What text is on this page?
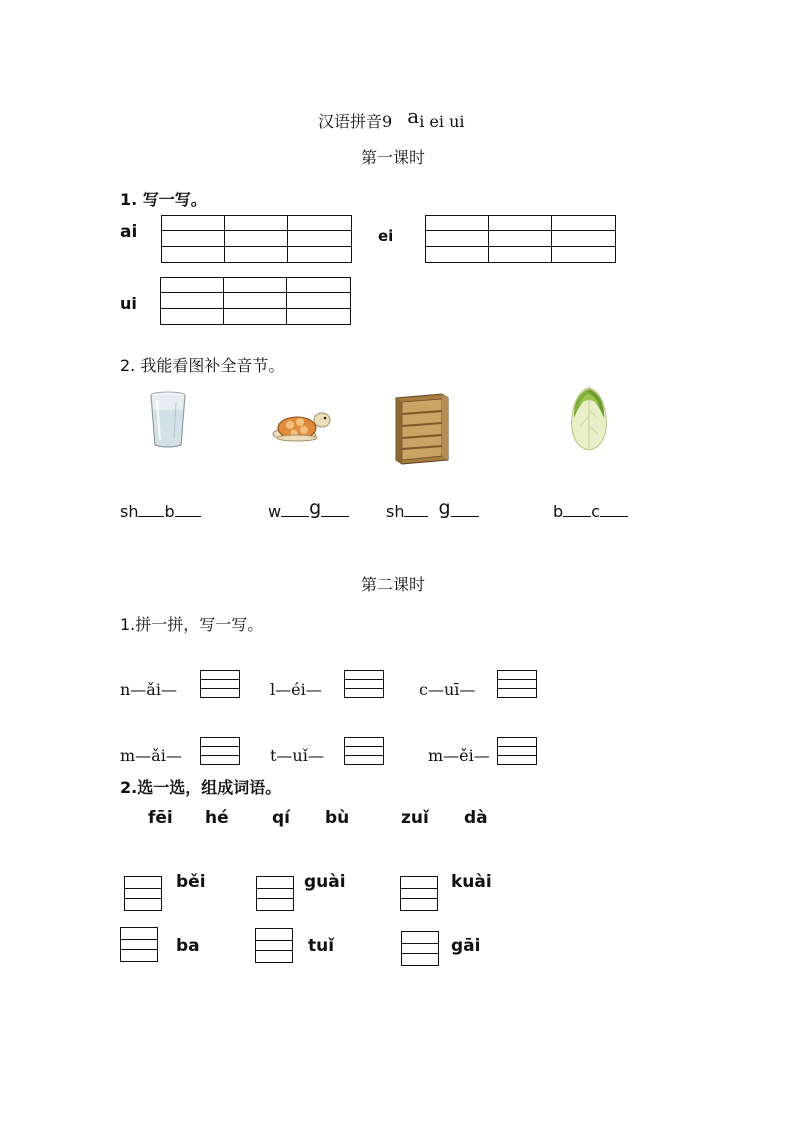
汉语拼音9 ai ei ui
第一课时
1. 写一写。
ai	ei
ui
2. 我能看图补全音节。
sh b	w g	sh g	b c
第二课时
1.拼一拼，写一写。
n—ǎi—	l—éi—	c—uī—
m—ǎi—	t—uǐ—	m—ěi—
2.选一选，组成词语。
fēi hé	qí bù	zuǐ dà
běi	guài	kuài
ba	tuǐ	gāi
